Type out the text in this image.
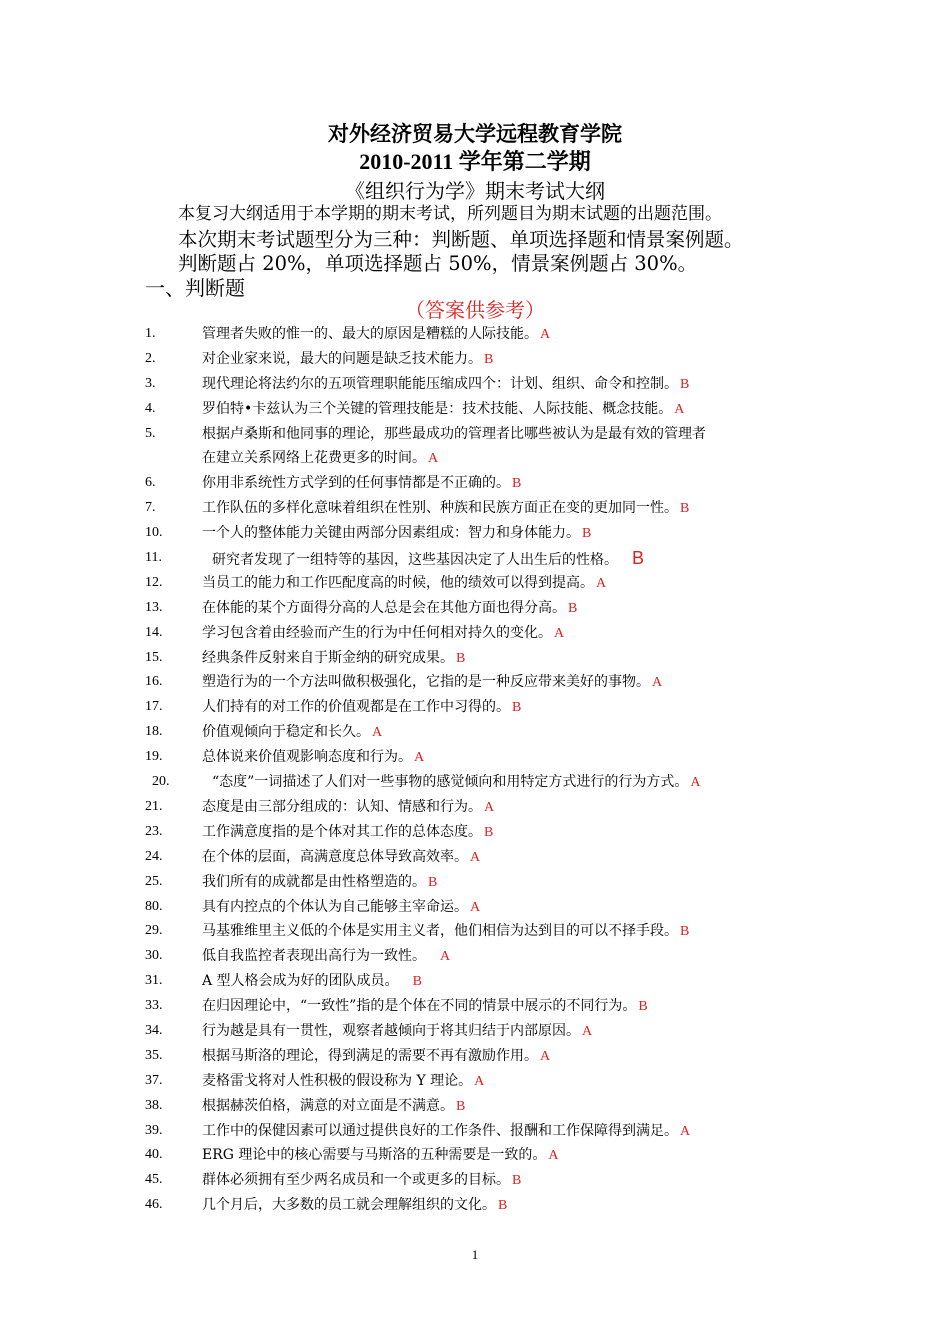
对外经济贸易大学远程教育学院
2010-2011 学年第二学期
《组织行为学》期末考试大纲
本复习大纲适用于本学期的期末考试，所列题目为期末试题的出题范围。
本次期末考试题型分为三种：判断题、单项选择题和情景案例题。
判断题占 20%，单项选择题占 50%，情景案例题占 30%。
一、判断题
（答案供参考）
1.	管理者失败的惟一的、最大的原因是糟糕的人际技能。 A
2.	对企业家来说，最大的问题是缺乏技术能力。 B
3.	现代理论将法约尔的五项管理职能能压缩成四个：计划、组织、命令和控制。 B
4.	罗伯特•卡兹认为三个关键的管理技能是：技术技能、人际技能、概念技能。 A
5.	根据卢桑斯和他同事的理论，那些最成功的管理者比哪些被认为是最有效的管理者
在建立关系网络上花费更多的时间。 A
6.	你用非系统性方式学到的任何事情都是不正确的。 B
7.	工作队伍的多样化意味着组织在性别、种族和民族方面正在变的更加同一性。 B
10.	一个人的整体能力关键由两部分因素组成：智力和身体能力。 B
11.	研究者发现了一组特等的基因，这些基因决定了人出生后的性格。 B
12.	当员工的能力和工作匹配度高的时候，他的绩效可以得到提高。 A
13.	在体能的某个方面得分高的人总是会在其他方面也得分高。 B
14.	学习包含着由经验而产生的行为中任何相对持久的变化。 A
15.	经典条件反射来自于斯金纳的研究成果。 B
16.	塑造行为的一个方法叫做积极强化，它指的是一种反应带来美好的事物。 A
17.	人们持有的对工作的价值观都是在工作中习得的。 B
18.	价值观倾向于稳定和长久。 A
19.	总体说来价值观影响态度和行为。 A
20.	“态度”一词描述了人们对一些事物的感觉倾向和用特定方式进行的行为方式。 A
21.	态度是由三部分组成的：认知、情感和行为。 A
23.	工作满意度指的是个体对其工作的总体态度。 B
24.	在个体的层面，高满意度总体导致高效率。 A
25.	我们所有的成就都是由性格塑造的。 B
80.	具有内控点的个体认为自己能够主宰命运。 A
29.	马基雅维里主义低的个体是实用主义者，他们相信为达到目的可以不择手段。 B
30.	低自我监控者表现出高行为一致性。 A
31.	A 型人格会成为好的团队成员。 B
33.	在归因理论中，“一致性”指的是个体在不同的情景中展示的不同行为。 B
34.	行为越是具有一贯性，观察者越倾向于将其归结于内部原因。 A
35.	根据马斯洛的理论，得到满足的需要不再有激励作用。 A
37.	麦格雷戈将对人性积极的假设称为 Y 理论。 A
38.	根据赫茨伯格，满意的对立面是不满意。 B
39.	工作中的保健因素可以通过提供良好的工作条件、报酬和工作保障得到满足。 A
40.	ERG 理论中的核心需要与马斯洛的五种需要是一致的。 A
45.	群体必须拥有至少两名成员和一个或更多的目标。 B
46.	几个月后，大多数的员工就会理解组织的文化。 B
1
